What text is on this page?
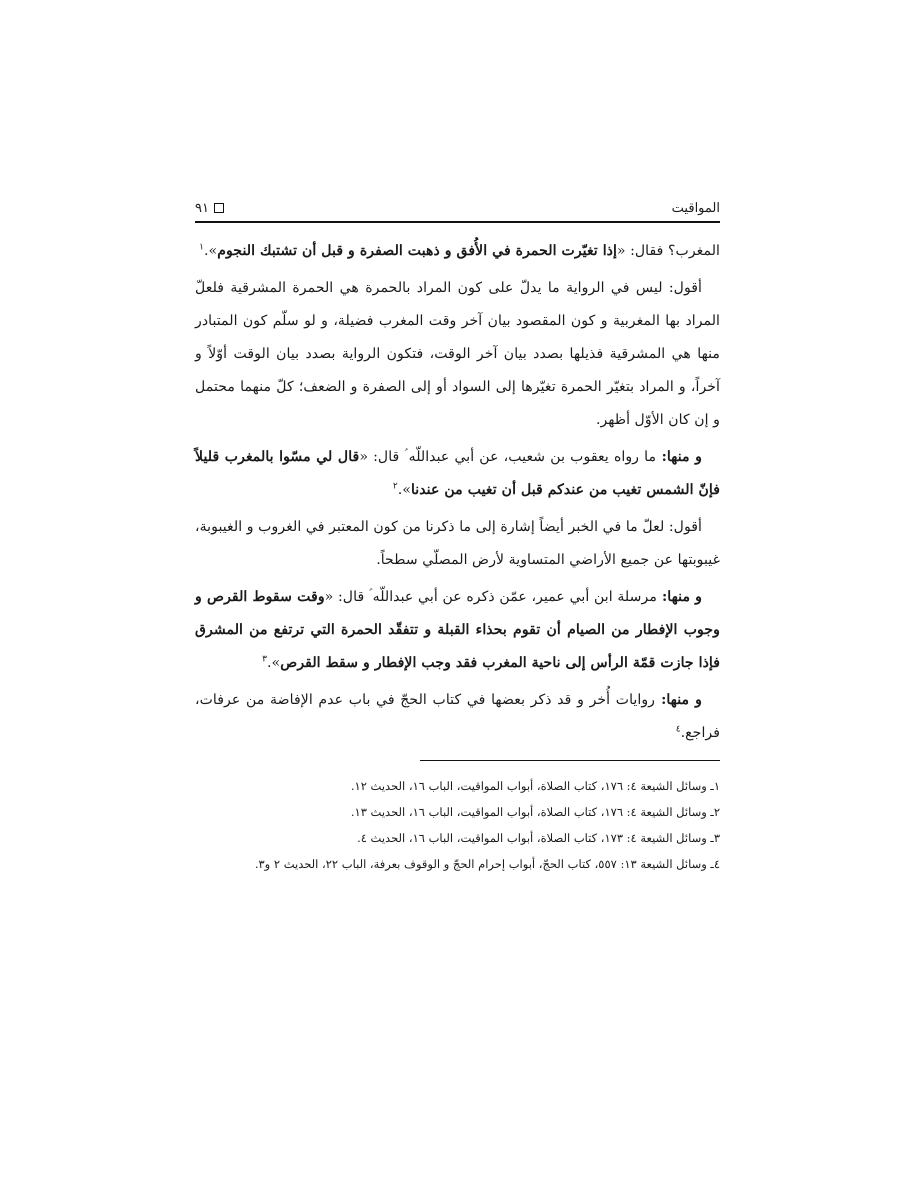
المواقيت
٩١

المغرب؟ فقال: «إذا تغيّرت الحمرة في الأُفق و ذهبت الصفرة و قبل أن تشتبك النجوم».$^١$

أقول: ليس في الرواية ما يدلّ على كون المراد بالحمرة هي الحمرة المشرقية فلعلّ المراد بها المغربية و كون المقصود بيان آخر وقت المغرب فضيلة، و لو سلّم كون المتبادر منها هي المشرقية فذيلها بصدد بيان آخر الوقت، فتكون الرواية بصدد بيان الوقت أوّلاً و آخراً، و المراد بتغيّر الحمرة تغيّرها إلى السواد أو إلى الصفرة و الضعف؛ كلّ منهما محتمل و إن كان الأوّل أظهر.

و منها: ما رواه يعقوب بن شعيب، عن أبي عبداللّه ؑ قال: «قال لي مسّوا بالمغرب قليلاً فإنّ الشمس تغيب من عندكم قبل أن تغيب من عندنا».$^٢$

أقول: لعلّ ما في الخبر أيضاً إشارة إلى ما ذكرنا من كون المعتبر في الغروب و الغيبوبة، غيبوبتها عن جميع الأراضي المتساوية لأرض المصلّي سطحاً.

و منها: مرسلة ابن أبي عمير، عمّن ذكره عن أبي عبداللّه ؑ قال: «وقت سقوط القرص و وجوب الإفطار من الصيام أن تقوم بحذاء القبلة و تتفقّد الحمرة التي ترتفع من المشرق فإذا جازت قمّة الرأس إلى ناحية المغرب فقد وجب الإفطار و سقط القرص».$^٣$

و منها: روايات أُخر و قد ذكر بعضها في كتاب الحجّ في باب عدم الإفاضة من عرفات، فراجع.$^٤$

١ـ وسائل الشيعة ٤: ١٧٦، كتاب الصلاة، أبواب المواقيت، الباب ١٦، الحديث ١٢.
٢ـ وسائل الشيعة ٤: ١٧٦، كتاب الصلاة، أبواب المواقيت، الباب ١٦، الحديث ١٣.
٣ـ وسائل الشيعة ٤: ١٧٣، كتاب الصلاة، أبواب المواقيت، الباب ١٦، الحديث ٤.
٤ـ وسائل الشيعة ١٣: ٥٥٧، كتاب الحجّ، أبواب إحرام الحجّ و الوقوف بعرفة، الباب ٢٢، الحديث ٢ و٣.
